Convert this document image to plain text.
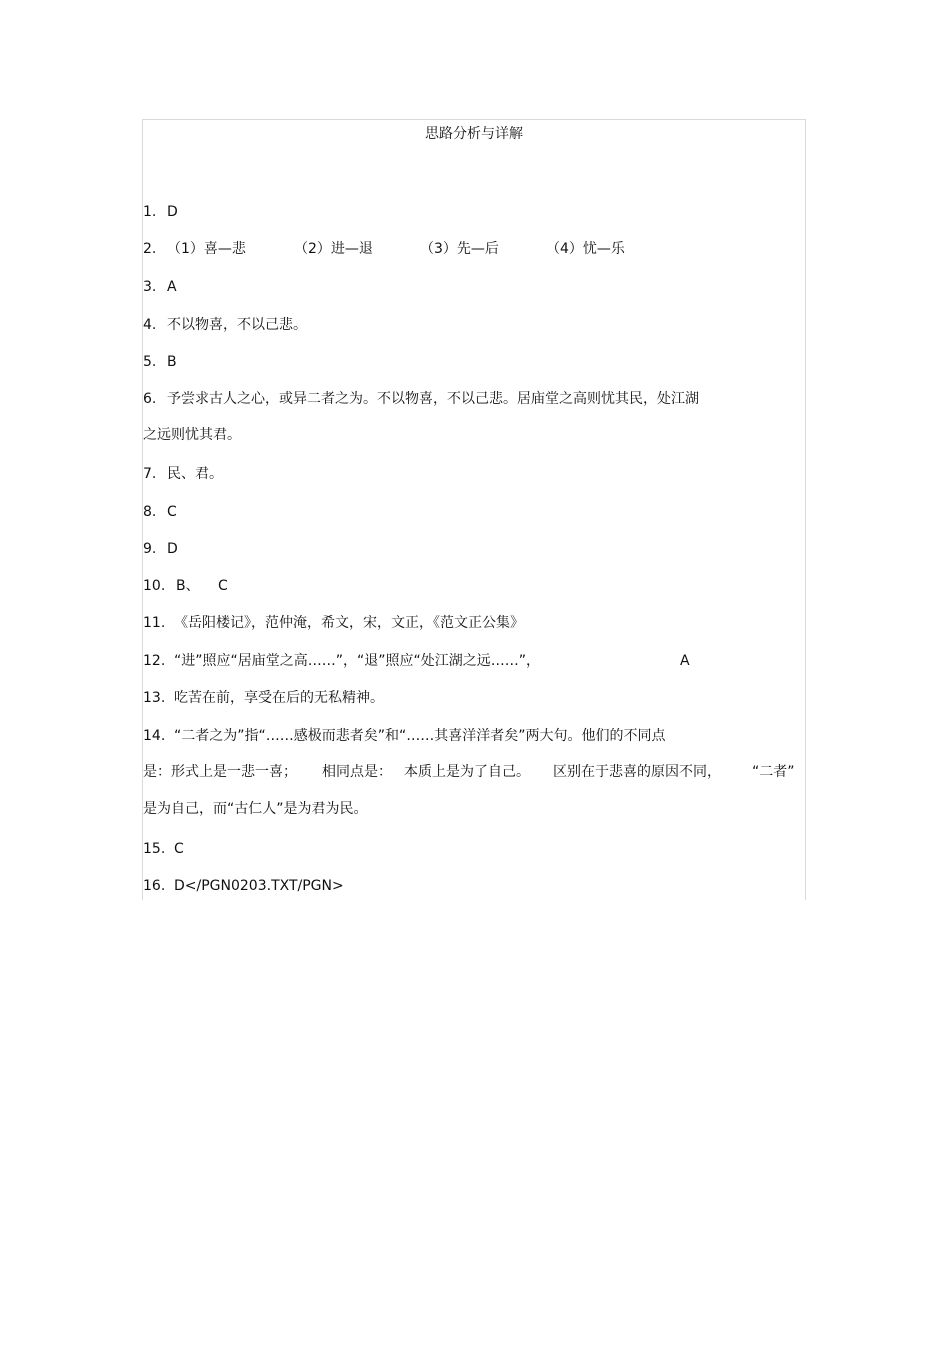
思路分析与详解
1. D
2. （1）喜—悲	（2）进—退	（3）先—后	（4）忧—乐
3. A
4. 不以物喜，不以己悲。
5. B
6. 予尝求古人之心，或异二者之为。不以物喜，不以己悲。居庙堂之高则忧其民，处江湖
之远则忧其君。
7. 民、君。
8. C
9. D
10. B、 C
11. 《岳阳楼记》，范仲淹，希文，宋，文正，《范文正公集》
12. “进”照应“居庙堂之高……”，“退”照应“处江湖之远……”，	A
13. 吃苦在前，享受在后的无私精神。
14. “二者之为”指“……感极而悲者矣”和“……其喜洋洋者矣”两大句。他们的不同点
是：形式上是一悲一喜； 相同点是： 本质上是为了自己。 区别在于悲喜的原因不同， “二者”
是为自己，而“古仁人”是为君为民。
15. C
16. D</PGN0203.TXT/PGN>
